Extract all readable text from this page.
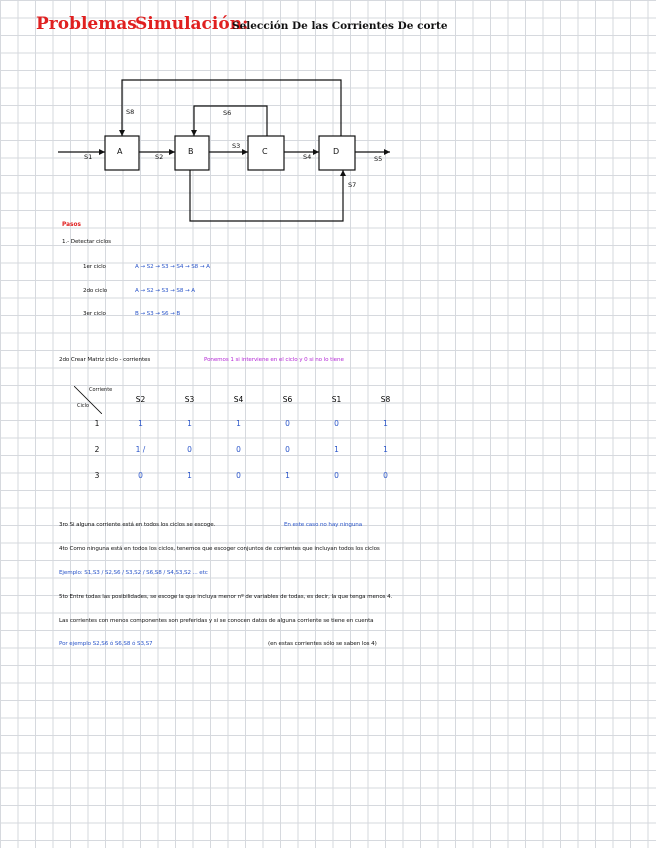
Problemas
Simulación:
Selección De las Corrientes De corte
A	B	C	D
S1	S2
S3
S4	S5
S6
S7
S8
Pasos

1.- Detectar ciclos
1er ciclo	A → S2 → S3 → S4 → S8 → A
2do ciclo	A → S2 → S3 → S8 → A
3er ciclo	B → S3 → S6 → B
2do Crear Matriz ciclo - corrientes	Ponemos 1 si interviene en el ciclo y 0 si no lo tiene
Corriente
Ciclo
	S2	S3	S4	S6	S1	S8
1	1	1	1	0	0	1
2	1 /	0	0	0	1	1
3	0	1	0	1	0	0
3ro Si alguna corriente está en todos los ciclos se escoge.	En este caso no hay ninguna
4to Como ninguna está en todos los ciclos, tenemos que escoger conjuntos de corrientes que incluyan todos los ciclos
Ejemplo: S1,S3 / S2,S6 / S3,S2 / S6,S8 / S4,S3,S2 ... etc
5to Entre todas las posibilidades, se escoge la que incluya menor nº de variables de todas, es decir, la que tenga menos 4.
Las corrientes con menos componentes son preferidas y si se conocen datos de alguna corriente se tiene en cuenta
Por ejemplo S2,S6 ó S6,S8 ó S3,S7	(en estas corrientes sólo se saben los 4)
